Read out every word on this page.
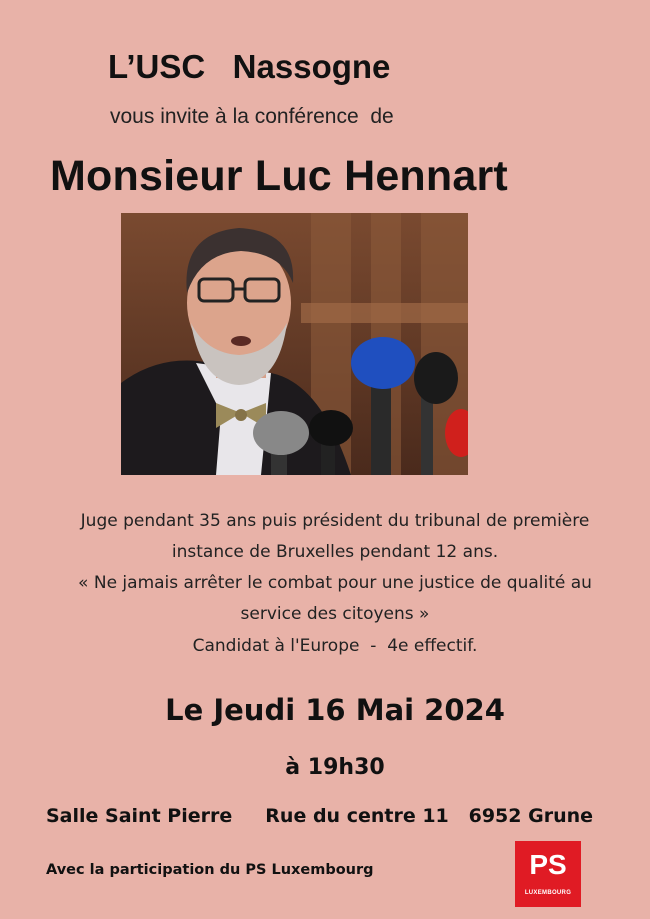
L’USC   Nassogne
vous invite à la conférence  de
Monsieur Luc Hennart
Juge pendant 35 ans puis président du tribunal de première
instance de Bruxelles pendant 12 ans.
« Ne jamais arrêter le combat pour une justice de qualité au
service des citoyens »
Candidat à l'Europe  -  4e effectif.
Le Jeudi 16 Mai 2024
à 19h30
Salle Saint Pierre     Rue du centre 11   6952 Grune
Avec la participation du PS Luxembourg	PS
LUXEMBOURG
